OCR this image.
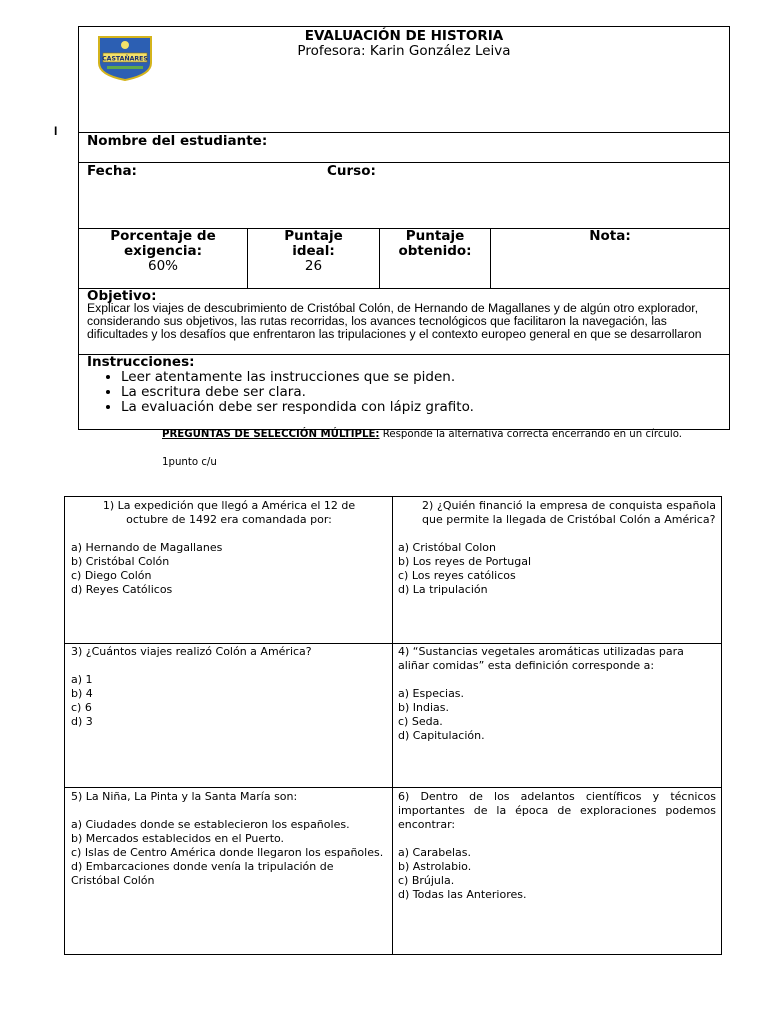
I
CASTAÑARES
EVALUACIÓN DE HISTORIA
Profesora: Karin González Leiva
Nombre del estudiante:
Fecha:	Curso:
Porcentaje de exigencia:
60%
Puntaje ideal:
26
Puntaje obtenido:
Nota:
Objetivo:
Explicar los viajes de descubrimiento de Cristóbal Colón, de Hernando de Magallanes y de algún otro explorador, considerando sus objetivos, las rutas recorridas, los avances tecnológicos que facilitaron la navegación, las dificultades y los desafíos que enfrentaron las tripulaciones y el contexto europeo general en que se desarrollaron
Instrucciones:
• Leer atentamente las instrucciones que se piden.
• La escritura debe ser clara.
• La evaluación debe ser respondida con lápiz grafito.
PREGUNTAS DE SELECCIÓN MÚLTIPLE: Responde la alternativa correcta encerrando en un círculo.
1punto c/u
1) La expedición que llegó a América el 12 de octubre de 1492 era comandada por:
a) Hernando de Magallanes
b) Cristóbal Colón
c) Diego Colón
d) Reyes Católicos
2) ¿Quién financió la empresa de conquista española que permite la llegada de Cristóbal Colón a América?
a) Cristóbal Colon
b) Los reyes de Portugal
c) Los reyes católicos
d) La tripulación
3) ¿Cuántos viajes realizó Colón a América?
a) 1
b) 4
c) 6
d) 3
4) “Sustancias vegetales aromáticas utilizadas para aliñar comidas” esta definición corresponde a:
a) Especias.
b) Indias.
c) Seda.
d) Capitulación.
5) La Niña, La Pinta y la Santa María son:
a) Ciudades donde se establecieron los españoles.
b) Mercados establecidos en el Puerto.
c) Islas de Centro América donde llegaron los españoles.
d) Embarcaciones donde venía la tripulación de Cristóbal Colón
6) Dentro de los adelantos científicos y técnicos importantes de la época de exploraciones podemos encontrar:
a) Carabelas.
b) Astrolabio.
c) Brújula.
d) Todas las Anteriores.
